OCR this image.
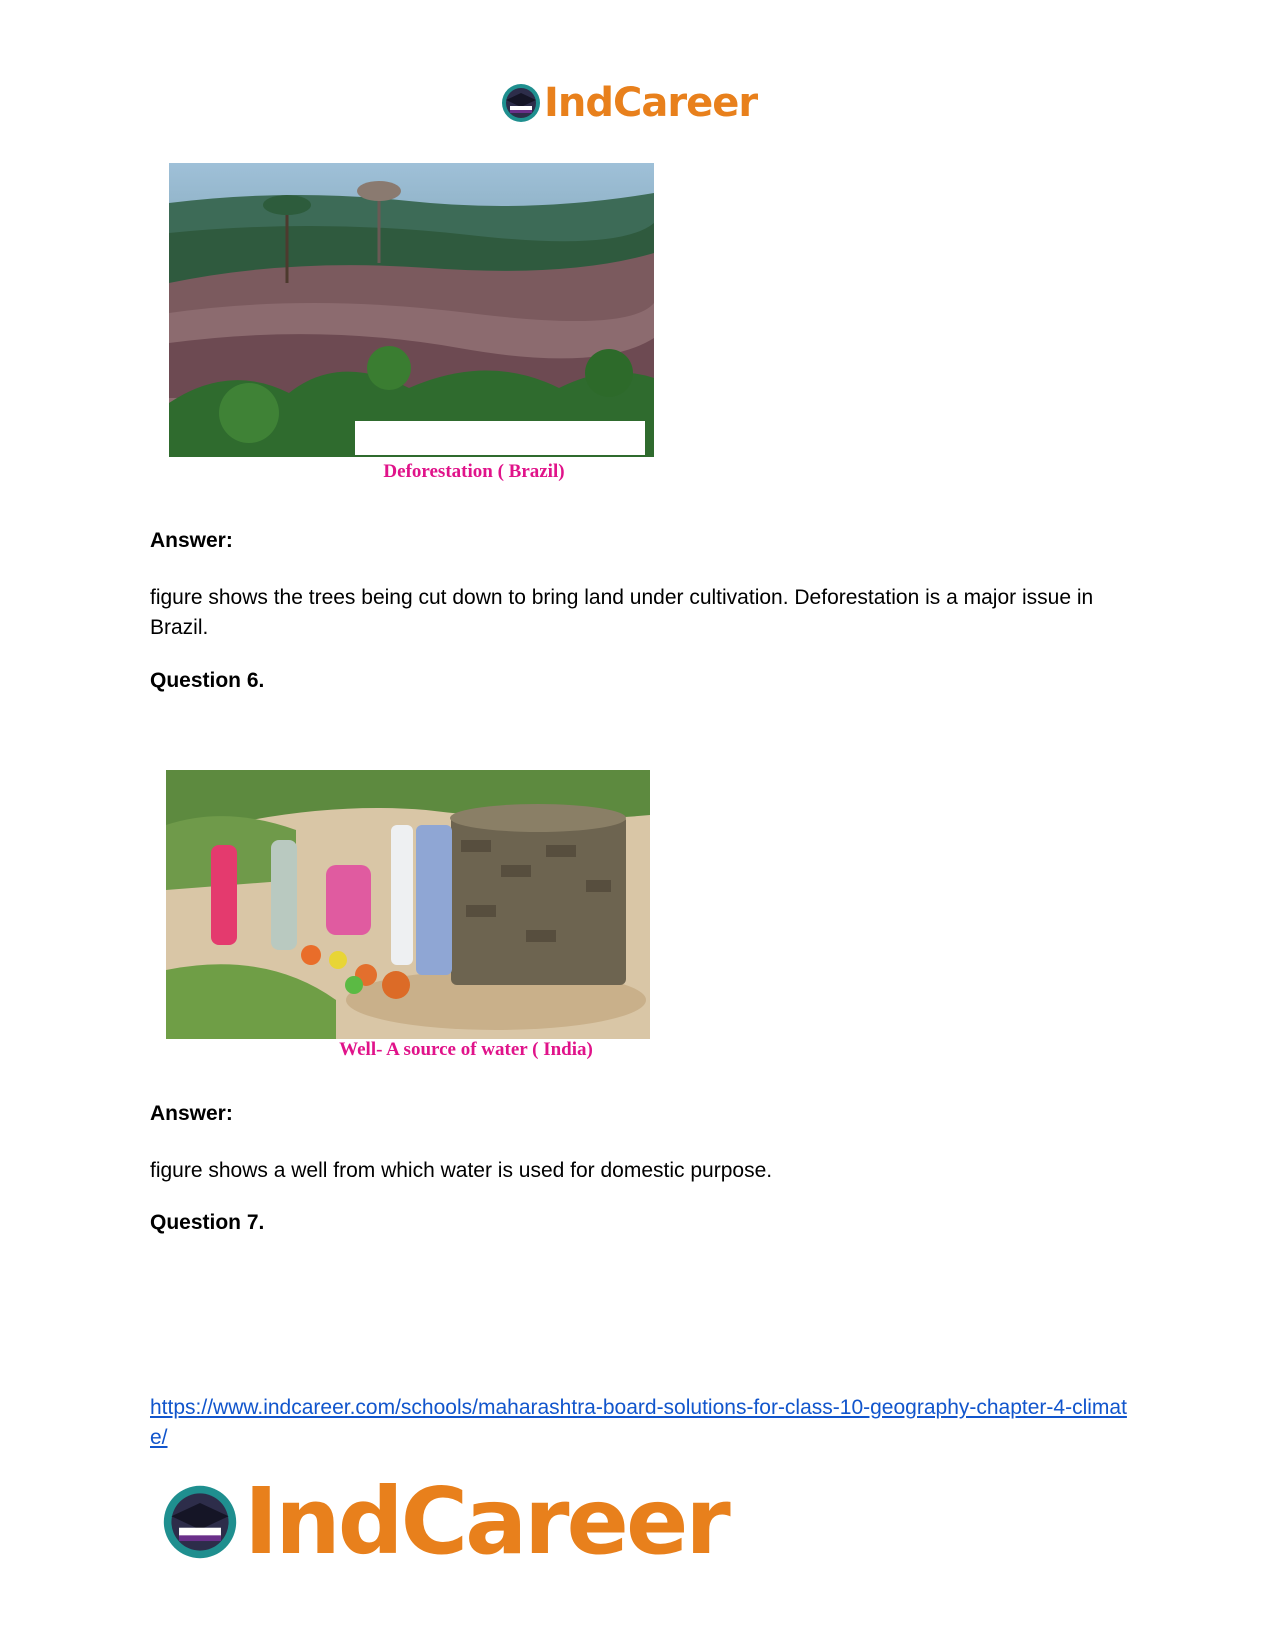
IndCareer
Deforestation ( Brazil)
Answer:
figure shows the trees being cut down to bring land under cultivation. Deforestation is a major issue in Brazil.
Question 6.
Well- A source of water ( India)
Answer:
figure shows a well from which water is used for domestic purpose.
Question 7.
https://www.indcareer.com/schools/maharashtra-board-solutions-for-class-10-geography-chapter-4-climate/
IndCareer
